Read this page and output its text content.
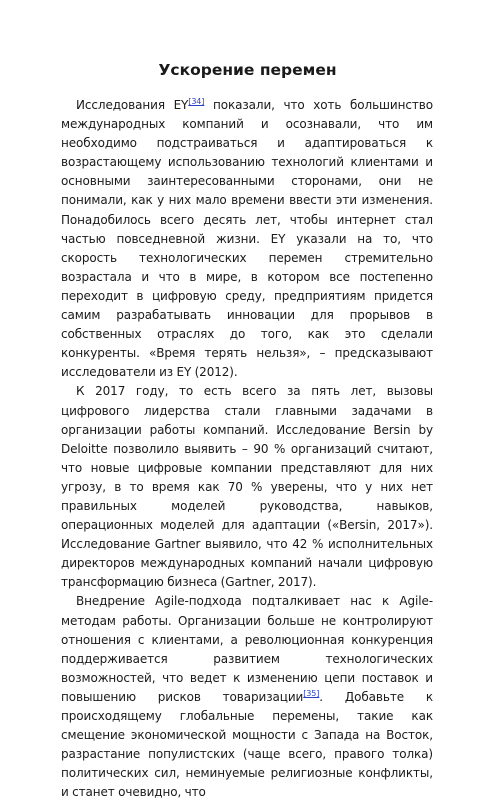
Ускорение перемен

Исследования EY[34] показали, что хоть большинство международных компаний и осознавали, что им необходимо подстраиваться и адаптироваться к возрастающему использованию технологий клиентами и основными заинтересованными сторонами, они не понимали, как у них мало времени ввести эти изменения. Понадобилось всего десять лет, чтобы интернет стал частью повседневной жизни. EY указали на то, что скорость технологических перемен стремительно возрастала и что в мире, в котором все постепенно переходит в цифровую среду, предприятиям придется самим разрабатывать инновации для прорывов в собственных отраслях до того, как это сделали конкуренты. «Время терять нельзя», – предсказывают исследователи из EY (2012).

К 2017 году, то есть всего за пять лет, вызовы цифрового лидерства стали главными задачами в организации работы компаний. Исследование Bersin by Deloitte позволило выявить – 90 % организаций считают, что новые цифровые компании представляют для них угрозу, в то время как 70 % уверены, что у них нет правильных моделей руководства, навыков, операционных моделей для адаптации («Bersin, 2017»). Исследование Gartner выявило, что 42 % исполнительных директоров международных компаний начали цифровую трансформацию бизнеса (Gartner, 2017).

Внедрение Agile-подхода подталкивает нас к Agile-методам работы. Организации больше не контролируют отношения с клиентами, а революционная конкуренция поддерживается развитием технологических возможностей, что ведет к изменению цепи поставок и повышению рисков товаризации[35]. Добавьте к происходящему глобальные перемены, такие как смещение экономической мощности с Запада на Восток, разрастание популистских (чаще всего, правого толка) политических сил, неминуемые религиозные конфликты, и станет очевидно, что
